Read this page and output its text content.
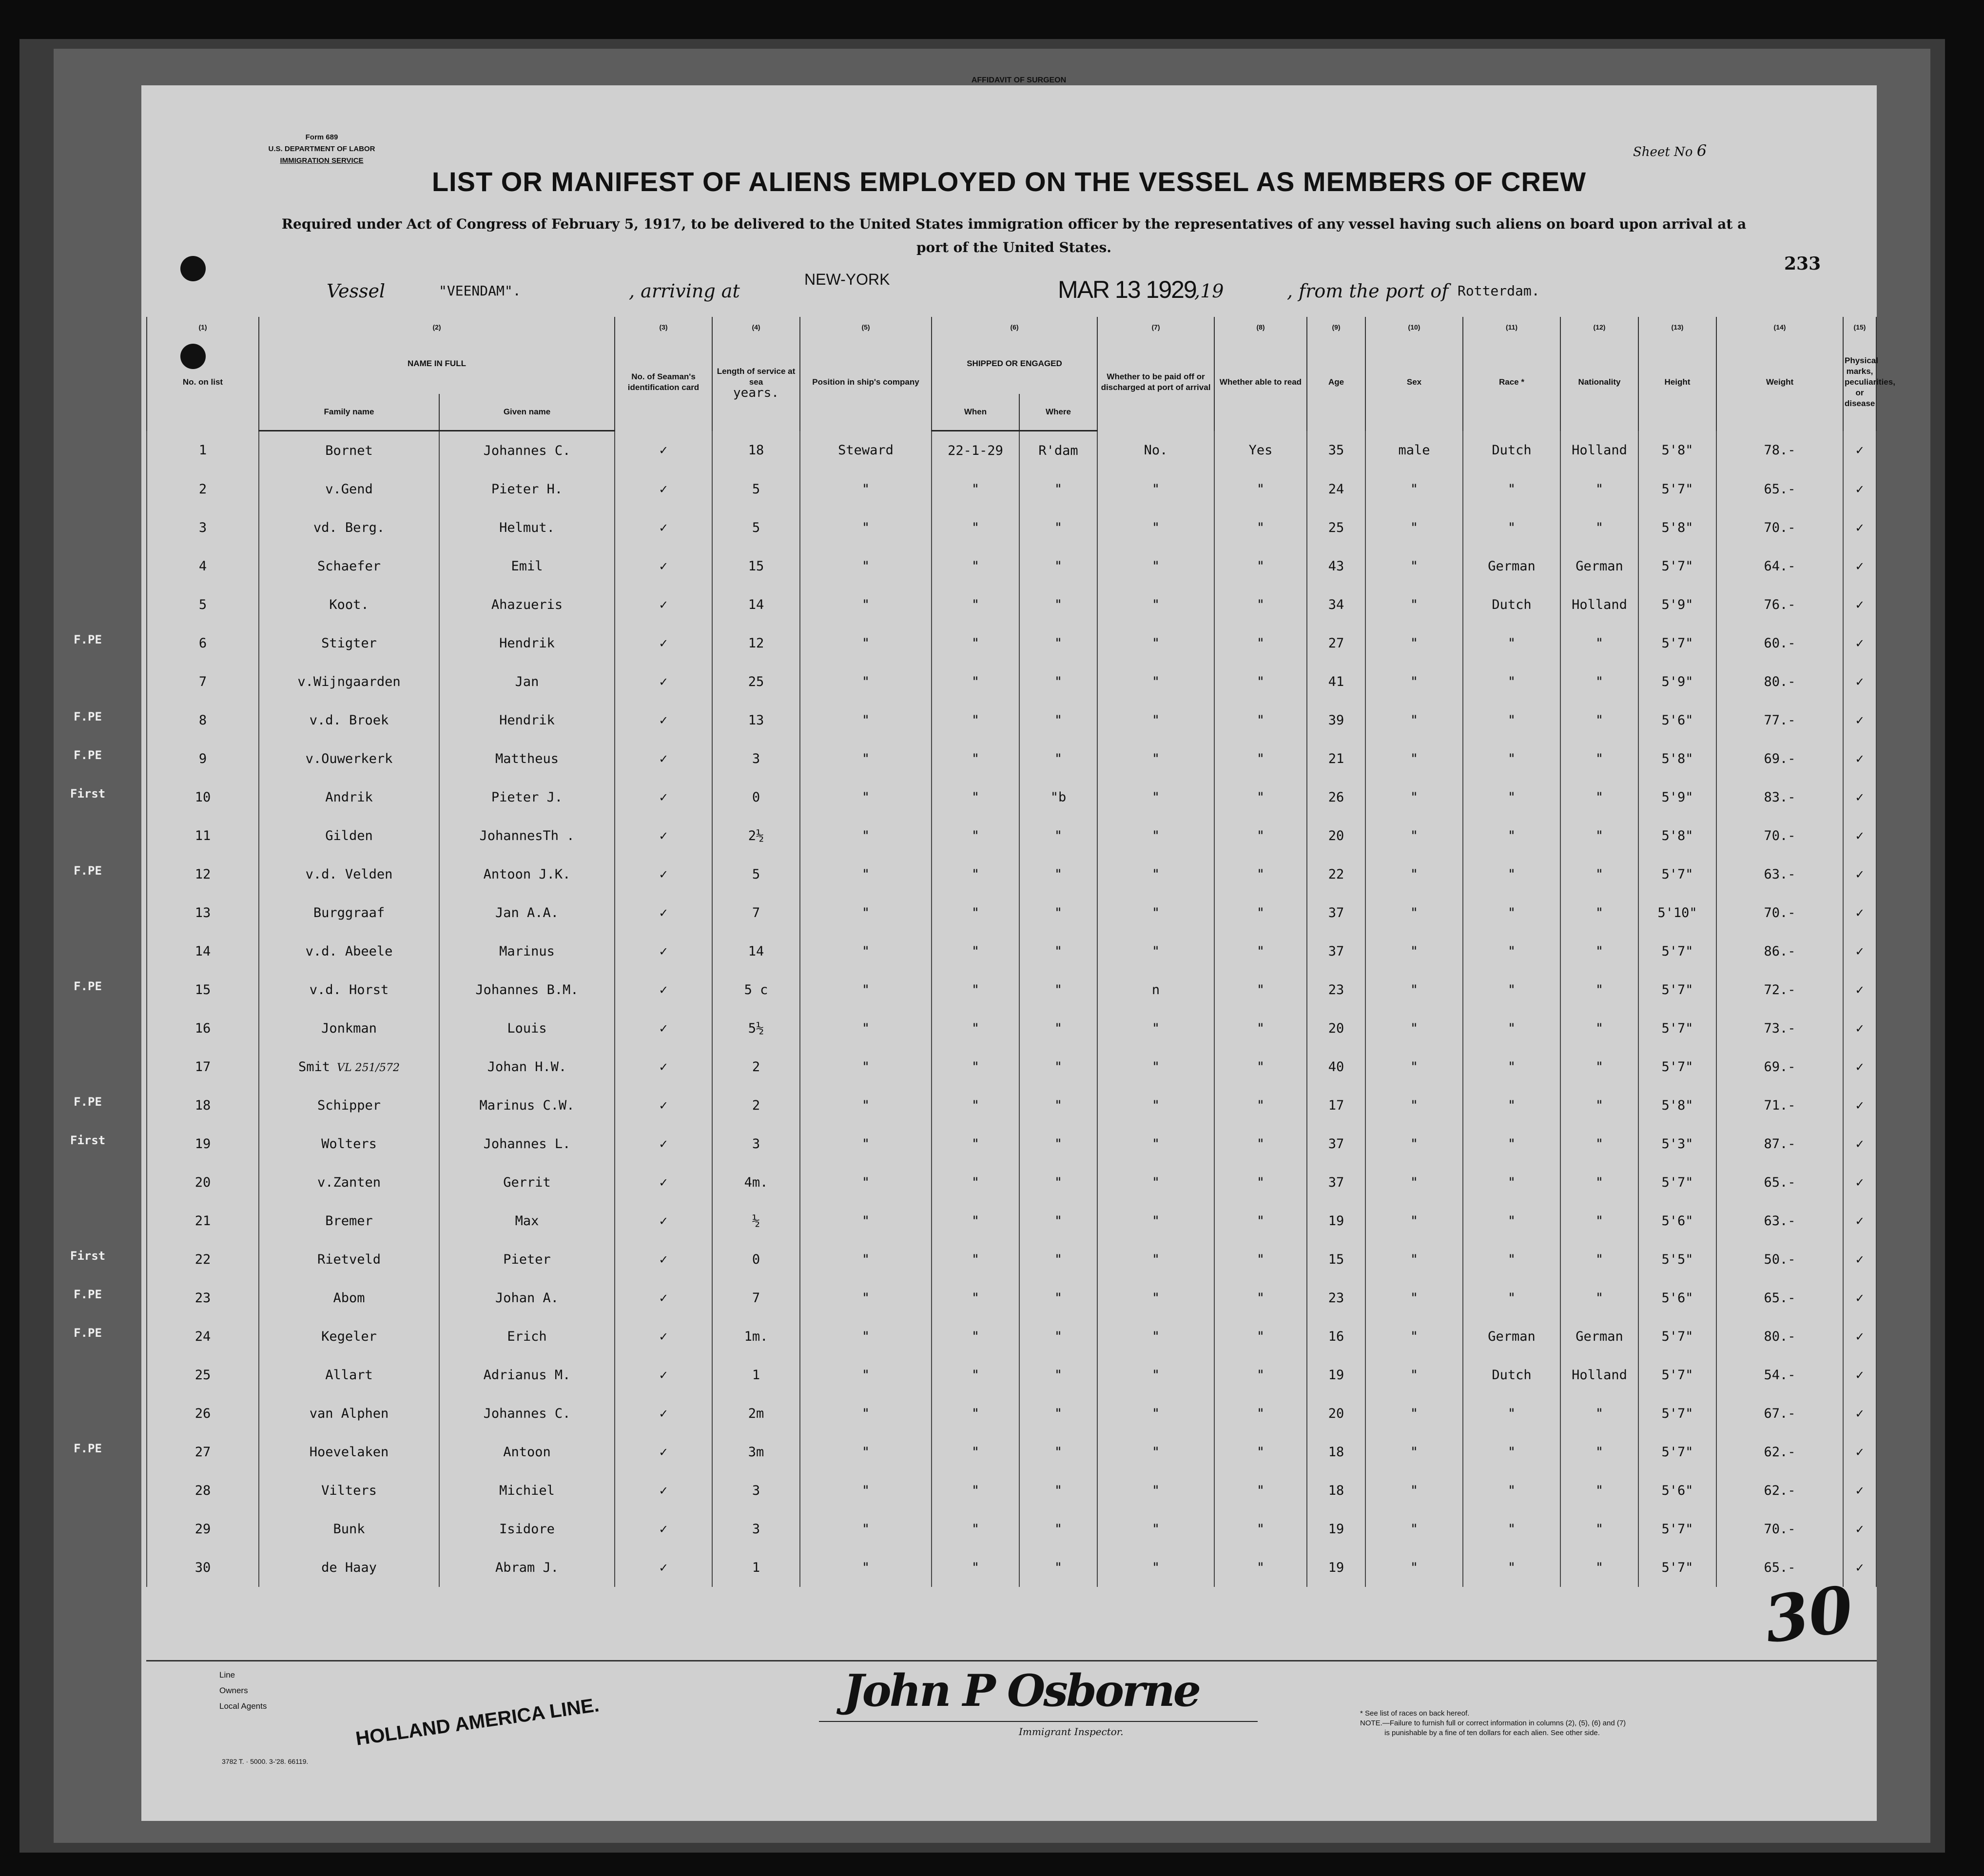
AFFIDAVIT OF SURGEON
Form 689
U.S. DEPARTMENT OF LABOR
IMMIGRATION SERVICE
Sheet No 6
LIST OR MANIFEST OF ALIENS EMPLOYED ON THE VESSEL AS MEMBERS OF CREW
Required under Act of Congress of February 5, 1917, to be delivered to the United States immigration officer by the representatives of any vessel having such aliens on board upon arrival at a
port of the United States.
233
Vessel	"VEENDAM".	, arriving at
NEW-YORK	MAR 13 1929
,19	, from the port of Rotterdam.
(1)	(2)		(3)	(4)	(5)	(6)		(7)	(8)	(9)	(10)	(11)	(12)	(13)	(14)	(15)
No. on list	NAME IN FULL		No. of Seaman's identification card	Length of service at sea
years.	Position in ship's company	SHIPPED OR ENGAGED		Whether to be paid off or discharged at port of arrival	Whether able to read	Age	Sex	Race *	Nationality	Height	Weight	Physical marks, peculiarities, or disease
	Family name	Given name				When	Where									
1	Bornet	Johannes C.	✓	18	Steward	22-1-29	R'dam	No.	Yes	35	male	Dutch	Holland	5'8"	78.-	✓
2	v.Gend	Pieter H.	✓	5	"	"	"	"	"	24	"	"	"	5'7"	65.-	✓
3	vd. Berg.	Helmut.	✓	5	"	"	"	"	"	25	"	"	"	5'8"	70.-	✓
4	Schaefer	Emil	✓	15	"	"	"	"	"	43	"	German	German	5'7"	64.-	✓
5	Koot.	Ahazueris	✓	14	"	"	"	"	"	34	"	Dutch	Holland	5'9"	76.-	✓
6	Stigter	Hendrik	✓	12	"	"	"	"	"	27	"	"	"	5'7"	60.-	✓
7	v.Wijngaarden	Jan	✓	25	"	"	"	"	"	41	"	"	"	5'9"	80.-	✓
8	v.d. Broek	Hendrik	✓	13	"	"	"	"	"	39	"	"	"	5'6"	77.-	✓
9	v.Ouwerkerk	Mattheus	✓	3	"	"	"	"	"	21	"	"	"	5'8"	69.-	✓
10	Andrik	Pieter J.	✓	0	"	"	"b	"	"	26	"	"	"	5'9"	83.-	✓
11	Gilden	JohannesTh .	✓	2½	"	"	"	"	"	20	"	"	"	5'8"	70.-	✓
12	v.d. Velden	Antoon J.K.	✓	5	"	"	"	"	"	22	"	"	"	5'7"	63.-	✓
13	Burggraaf	Jan A.A.	✓	7	"	"	"	"	"	37	"	"	"	5'10"	70.-	✓
14	v.d. Abeele	Marinus	✓	14	"	"	"	"	"	37	"	"	"	5'7"	86.-	✓
15	v.d. Horst	Johannes B.M.	✓	5 c	"	"	"	n	"	23	"	"	"	5'7"	72.-	✓
16	Jonkman	Louis	✓	5½	"	"	"	"	"	20	"	"	"	5'7"	73.-	✓
17	Smit VL 251/572	Johan H.W.	✓	2	"	"	"	"	"	40	"	"	"	5'7"	69.-	✓
18	Schipper	Marinus C.W.	✓	2	"	"	"	"	"	17	"	"	"	5'8"	71.-	✓
19	Wolters	Johannes L.	✓	3	"	"	"	"	"	37	"	"	"	5'3"	87.-	✓
20	v.Zanten	Gerrit	✓	4m.	"	"	"	"	"	37	"	"	"	5'7"	65.-	✓
21	Bremer	Max	✓	½	"	"	"	"	"	19	"	"	"	5'6"	63.-	✓
22	Rietveld	Pieter	✓	0	"	"	"	"	"	15	"	"	"	5'5"	50.-	✓
23	Abom	Johan A.	✓	7	"	"	"	"	"	23	"	"	"	5'6"	65.-	✓
24	Kegeler	Erich	✓	1m.	"	"	"	"	"	16	"	German	German	5'7"	80.-	✓
25	Allart	Adrianus M.	✓	1	"	"	"	"	"	19	"	Dutch	Holland	5'7"	54.-	✓
26	van Alphen	Johannes C.	✓	2m	"	"	"	"	"	20	"	"	"	5'7"	67.-	✓
27	Hoevelaken	Antoon	✓	3m	"	"	"	"	"	18	"	"	"	5'7"	62.-	✓
28	Vilters	Michiel	✓	3	"	"	"	"	"	18	"	"	"	5'6"	62.-	✓
29	Bunk	Isidore	✓	3	"	"	"	"	"	19	"	"	"	5'7"	70.-	✓
30	de Haay	Abram J.	✓	1	"	"	"	"	"	19	"	"	"	5'7"	65.-	✓
30
Line
Owners
Local Agents	HOLLAND AMERICA LINE.
3782 T. · 5000. 3-'28. 66119.
John P Osborne
Immigrant Inspector.
* See list of races on back hereof.
NOTE.—Failure to furnish full or correct information in columns (2), (5), (6) and (7)
is punishable by a fine of ten dollars for each alien. See other side.
F.PE
F.PE
F.PE
First
F.PE
F.PE
F.PE
First
First
F.PE
F.PE
F.PE
